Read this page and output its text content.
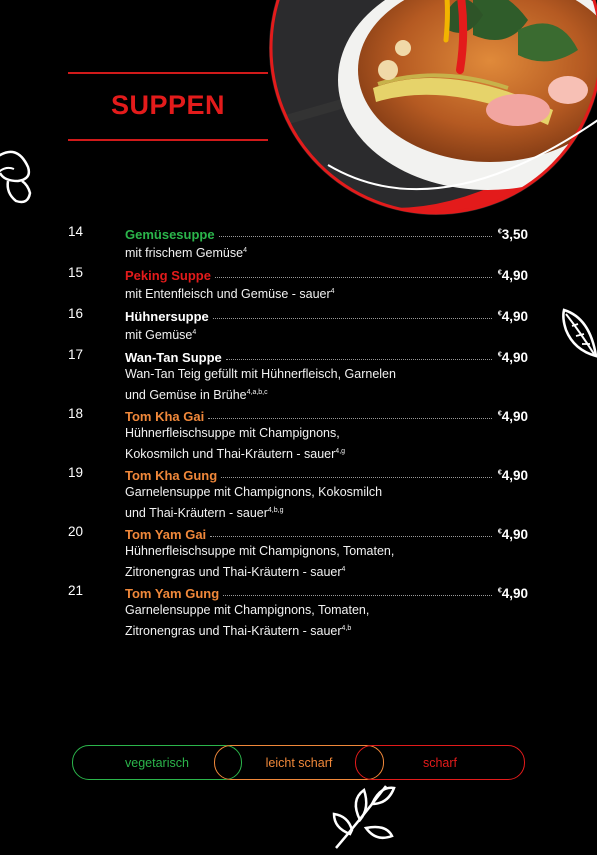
SUPPEN
14	Gemüsesuppe	€3,50
mit frischem Gemüse$^4$
15	Peking Suppe	€4,90
mit Entenfleisch und Gemüse - sauer$^4$
16	Hühnersuppe	€4,90
mit Gemüse$^4$
17	Wan-Tan Suppe	€4,90
Wan-Tan Teig gefüllt mit Hühnerfleisch, Garnelen
und Gemüse in Brühe$^{4,a,b,c}$
18	Tom Kha Gai	€4,90
Hühnerfleischsuppe mit Champignons,
Kokosmilch und Thai-Kräutern - sauer$^{4,g}$
19	Tom Kha Gung	€4,90
Garnelensuppe mit Champignons, Kokosmilch
und Thai-Kräutern - sauer$^{4,b,g}$
20	Tom Yam Gai	€4,90
Hühnerfleischsuppe mit Champignons, Tomaten,
Zitronengras und Thai-Kräutern - sauer$^4$
21	Tom Yam Gung	€4,90
Garnelensuppe mit Champignons, Tomaten,
Zitronengras und Thai-Kräutern - sauer$^{4,b}$
vegetarisch	leicht scharf	scharf
